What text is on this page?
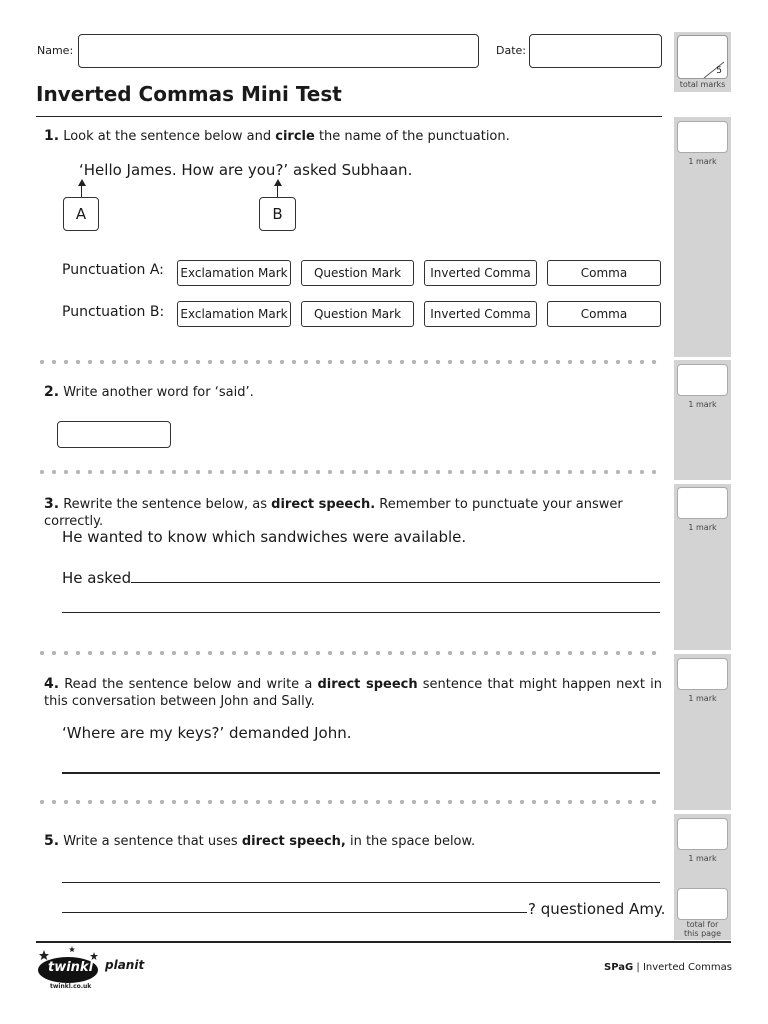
Name:	Date:
5
total marks
Inverted Commas Mini Test
1. Look at the sentence below and circle the name of the punctuation.
1 mark
‘Hello James. How are you?’ asked Subhaan.
A	B
Punctuation A: Exclamation Mark	Question Mark	Inverted Comma	Comma
Punctuation B: Exclamation Mark	Question Mark	Inverted Comma	Comma
2. Write another word for ‘said’.
1 mark
3. Rewrite the sentence below, as direct speech. Remember to punctuate your answer correctly.	1 mark
He wanted to know which sandwiches were available.
He asked
4. Read the sentence below and write a direct speech sentence that might happen next in this conversation between John and Sally.	1 mark
‘Where are my keys?’ demanded John.
5. Write a sentence that uses direct speech, in the space below.
1 mark
? questioned Amy.
total for
this page
twinkl
twinkl.co.uk
planit	SPaG | Inverted Commas
